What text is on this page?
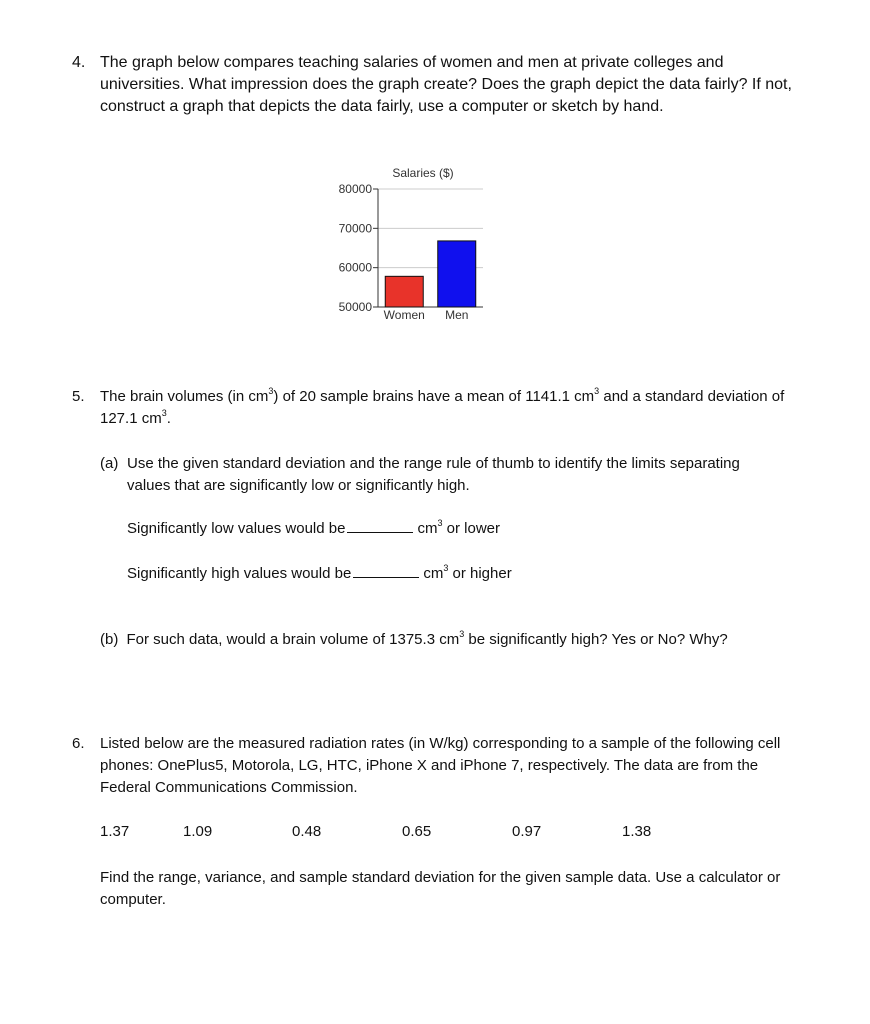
4. The graph below compares teaching salaries of women and men at private colleges and universities. What impression does the graph create? Does the graph depict the data fairly? If not, construct a graph that depicts the data fairly, use a computer or sketch by hand.
Salaries ($)
80000
70000
60000
50000
Women Men
5.	The brain volumes (in $cm^3$) of 20 sample brains have a mean of 1141.1 $cm^3$ and a standard deviation of 127.1 $cm^3$.
(a) Use the given standard deviation and the range rule of thumb to identify the limits separating values that are significantly low or significantly high.
Significantly low values would be	$cm^3$ or lower
Significantly high values would be	$cm^3$ or higher
(b) For such data, would a brain volume of 1375.3 $cm^3$ be significantly high? Yes or No? Why?
6.	Listed below are the measured radiation rates (in W/kg) corresponding to a sample of the following cell phones: OnePlus5, Motorola, LG, HTC, iPhone X and iPhone 7, respectively. The data are from the Federal Communications Commission.
1.37	1.09	0.48	0.65	0.97	1.38
Find the range, variance, and sample standard deviation for the given sample data. Use a calculator or computer.
